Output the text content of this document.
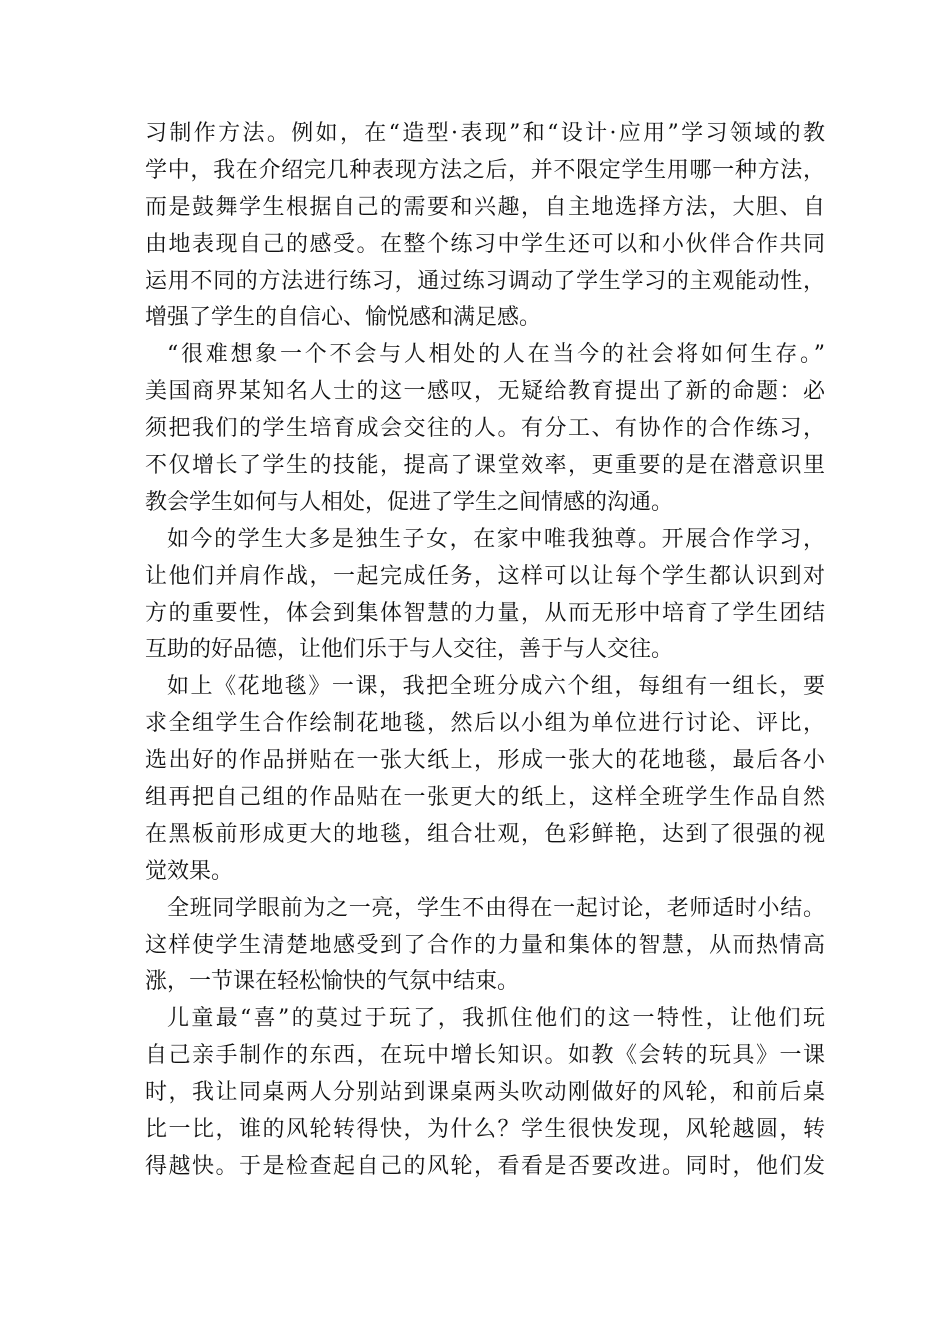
习制作方法。例如，在“造型·表现”和“设计·应用”学习领域的教
学中，我在介绍完几种表现方法之后，并不限定学生用哪一种方法，
而是鼓舞学生根据自己的需要和兴趣，自主地选择方法，大胆、自
由地表现自己的感受。在整个练习中学生还可以和小伙伴合作共同
运用不同的方法进行练习，通过练习调动了学生学习的主观能动性，
增强了学生的自信心、愉悦感和满足感。
“很难想象一个不会与人相处的人在当今的社会将如何生存。”
美国商界某知名人士的这一感叹，无疑给教育提出了新的命题：必
须把我们的学生培育成会交往的人。有分工、有协作的合作练习，
不仅增长了学生的技能，提高了课堂效率，更重要的是在潜意识里
教会学生如何与人相处，促进了学生之间情感的沟通。
如今的学生大多是独生子女，在家中唯我独尊。开展合作学习，
让他们并肩作战，一起完成任务，这样可以让每个学生都认识到对
方的重要性，体会到集体智慧的力量，从而无形中培育了学生团结
互助的好品德，让他们乐于与人交往，善于与人交往。
如上《花地毯》一课，我把全班分成六个组，每组有一组长，要
求全组学生合作绘制花地毯，然后以小组为单位进行讨论、评比，
选出好的作品拼贴在一张大纸上，形成一张大的花地毯，最后各小
组再把自己组的作品贴在一张更大的纸上，这样全班学生作品自然
在黑板前形成更大的地毯，组合壮观，色彩鲜艳，达到了很强的视
觉效果。
全班同学眼前为之一亮，学生不由得在一起讨论，老师适时小结。
这样使学生清楚地感受到了合作的力量和集体的智慧，从而热情高
涨，一节课在轻松愉快的气氛中结束。
儿童最“喜”的莫过于玩了，我抓住他们的这一特性，让他们玩
自己亲手制作的东西，在玩中增长知识。如教《会转的玩具》一课
时，我让同桌两人分别站到课桌两头吹动刚做好的风轮，和前后桌
比一比，谁的风轮转得快，为什么？学生很快发现，风轮越圆，转
得越快。于是检查起自己的风轮，看看是否要改进。同时，他们发
